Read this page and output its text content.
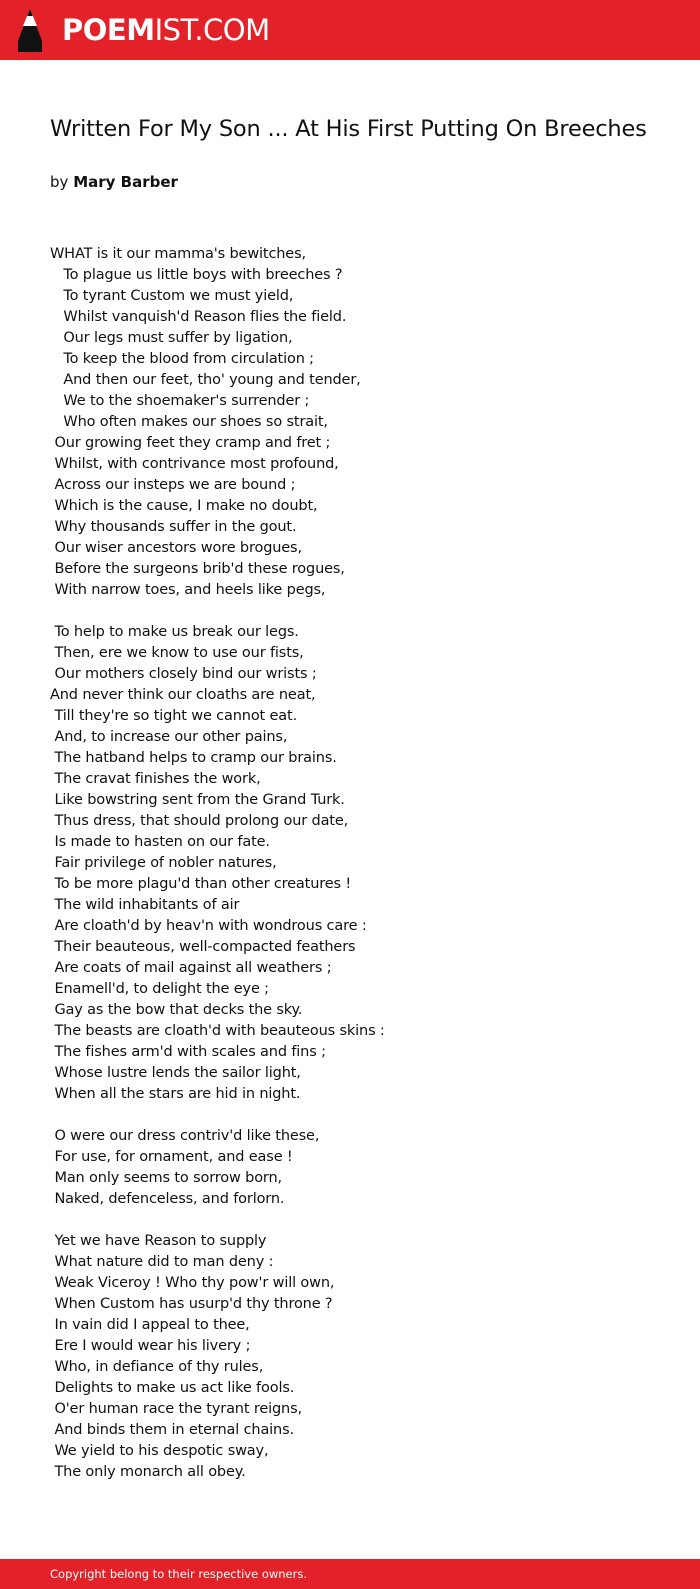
POEMIST.COM
Written For My Son ... At His First Putting On Breeches
by Mary Barber
WHAT is it our mamma's bewitches,
To plague us little boys with breeches ?
To tyrant Custom we must yield,
Whilst vanquish'd Reason flies the field.
Our legs must suffer by ligation,
To keep the blood from circulation ;
And then our feet, tho' young and tender,
We to the shoemaker's surrender ;
Who often makes our shoes so strait,
Our growing feet they cramp and fret ;
Whilst, with contrivance most profound,
Across our insteps we are bound ;
Which is the cause, I make no doubt,
Why thousands suffer in the gout.
Our wiser ancestors wore brogues,
Before the surgeons brib'd these rogues,
With narrow toes, and heels like pegs,
To help to make us break our legs.
Then, ere we know to use our fists,
Our mothers closely bind our wrists ;
And never think our cloaths are neat,
Till they're so tight we cannot eat.
And, to increase our other pains,
The hatband helps to cramp our brains.
The cravat finishes the work,
Like bowstring sent from the Grand Turk.
Thus dress, that should prolong our date,
Is made to hasten on our fate.
Fair privilege of nobler natures,
To be more plagu'd than other creatures !
The wild inhabitants of air
Are cloath'd by heav'n with wondrous care :
Their beauteous, well-compacted feathers
Are coats of mail against all weathers ;
Enamell'd, to delight the eye ;
Gay as the bow that decks the sky.
The beasts are cloath'd with beauteous skins :
The fishes arm'd with scales and fins ;
Whose lustre lends the sailor light,
When all the stars are hid in night.
O were our dress contriv'd like these,
For use, for ornament, and ease !
Man only seems to sorrow born,
Naked, defenceless, and forlorn.
Yet we have Reason to supply
What nature did to man deny :
Weak Viceroy ! Who thy pow'r will own,
When Custom has usurp'd thy throne ?
In vain did I appeal to thee,
Ere I would wear his livery ;
Who, in defiance of thy rules,
Delights to make us act like fools.
O'er human race the tyrant reigns,
And binds them in eternal chains.
We yield to his despotic sway,
The only monarch all obey.
Copyright belong to their respective owners.
